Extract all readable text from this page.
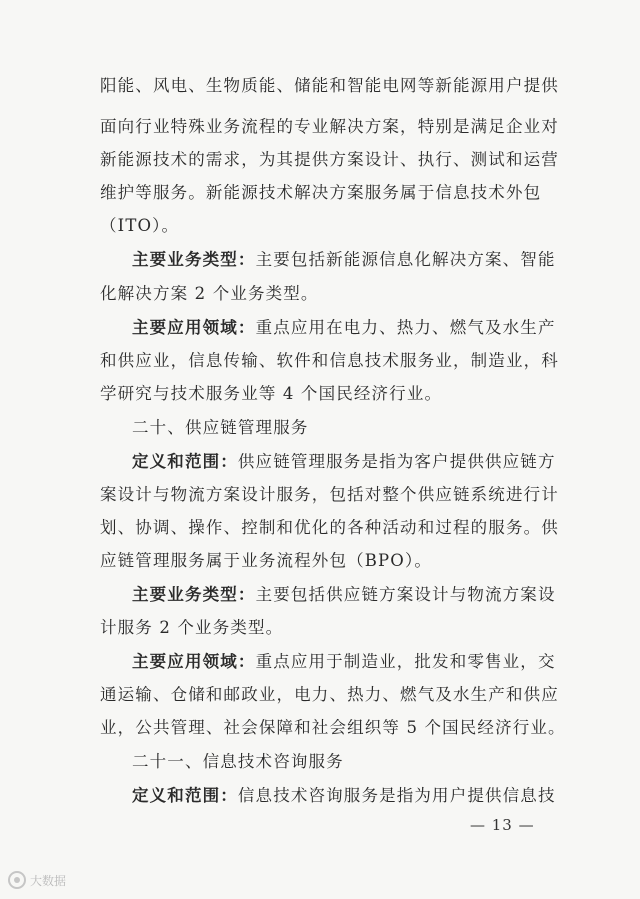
阳能、风电、生物质能、储能和智能电网等新能源用户提供
面向行业特殊业务流程的专业解决方案，特别是满足企业对
新能源技术的需求，为其提供方案设计、执行、测试和运营
维护等服务。新能源技术解决方案服务属于信息技术外包
（ITO）。
主要业务类型：主要包括新能源信息化解决方案、智能
化解决方案 2 个业务类型。
主要应用领域：重点应用在电力、热力、燃气及水生产
和供应业，信息传输、软件和信息技术服务业，制造业，科
学研究与技术服务业等 4 个国民经济行业。
二十、供应链管理服务
定义和范围：供应链管理服务是指为客户提供供应链方
案设计与物流方案设计服务，包括对整个供应链系统进行计
划、协调、操作、控制和优化的各种活动和过程的服务。供
应链管理服务属于业务流程外包（BPO）。
主要业务类型：主要包括供应链方案设计与物流方案设
计服务 2 个业务类型。
主要应用领域：重点应用于制造业，批发和零售业，交
通运输、仓储和邮政业，电力、热力、燃气及水生产和供应
业，公共管理、社会保障和社会组织等 5 个国民经济行业。
二十一、信息技术咨询服务
定义和范围：信息技术咨询服务是指为用户提供信息技
— 13 —
大数据
